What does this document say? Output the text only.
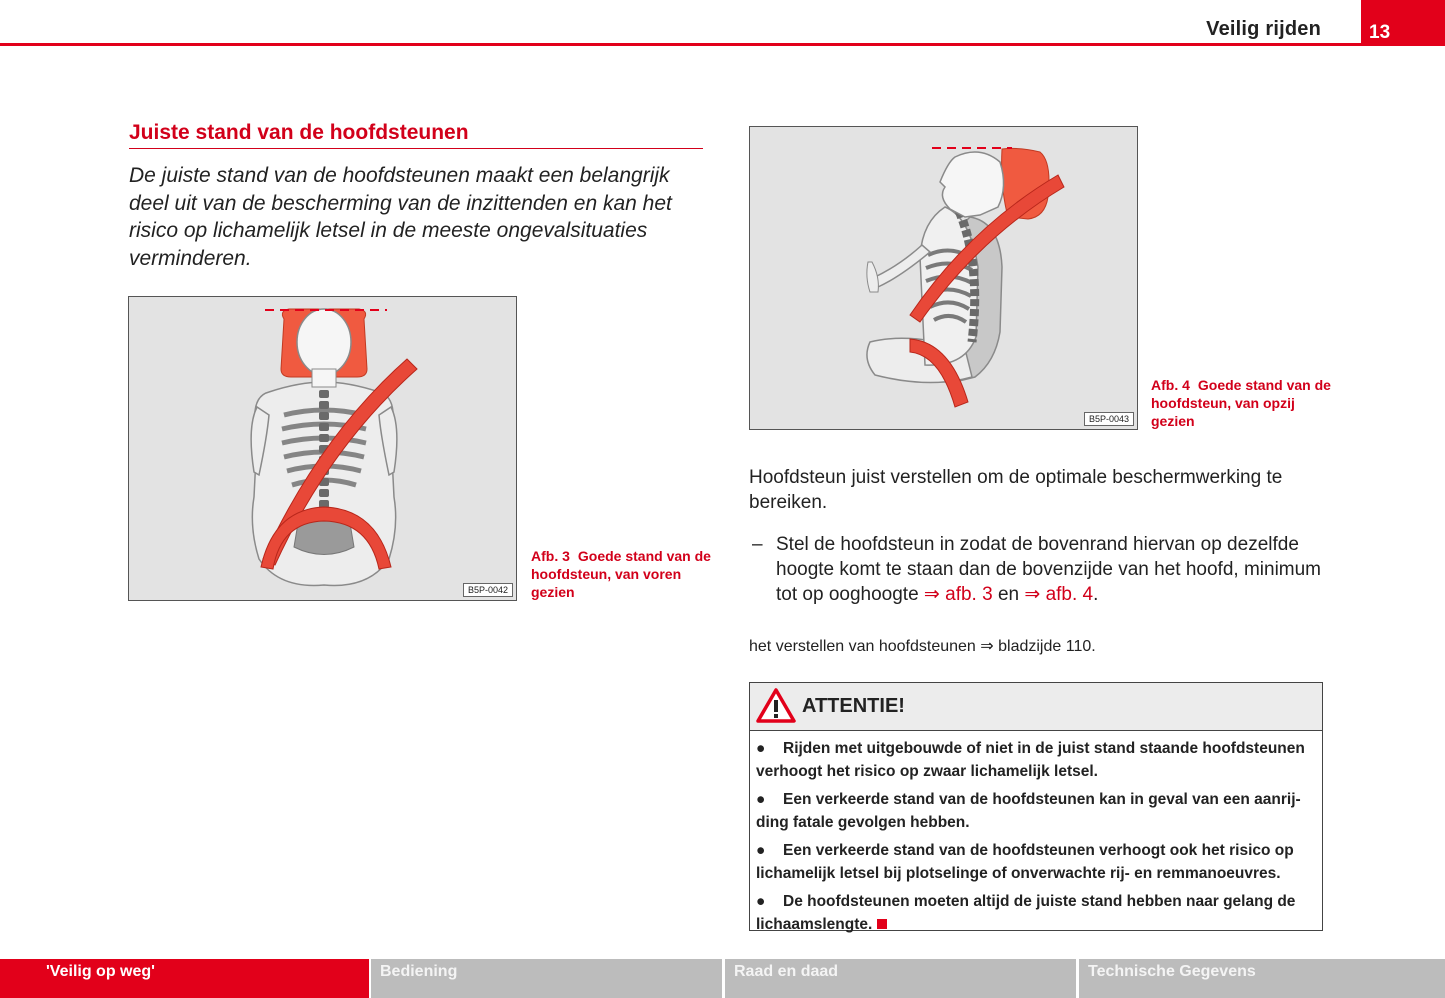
Veilig rijden	13
Juiste stand van de hoofdsteunen

De juiste stand van de hoofdsteunen maakt een belangrijk deel uit van de bescherming van de inzittenden en kan het risico op lichamelijk letsel in de meeste ongevalsituaties verminderen.

B5P-0042
Afb. 3 Goede stand van de hoofdsteun, van voren gezien
B5P-0043
Afb. 4 Goede stand van de hoofdsteun, van opzij gezien

Hoofdsteun juist verstellen om de optimale beschermwerking te bereiken.

– Stel de hoofdsteun in zodat de bovenrand hiervan op dezelfde hoogte komt te staan dan de bovenzijde van het hoofd, minimum tot op ooghoogte ⇒ afb. 3 en ⇒ afb. 4.

het verstellen van hoofdsteunen ⇒ bladzijde 110.

ATTENTIE!
● Rijden met uitgebouwde of niet in de juist stand staande hoofdsteunen verhoogt het risico op zwaar lichamelijk letsel.
● Een verkeerde stand van de hoofdsteunen kan in geval van een aanrij-ding fatale gevolgen hebben.
● Een verkeerde stand van de hoofdsteunen verhoogt ook het risico op lichamelijk letsel bij plotselinge of onverwachte rij- en remmanoeuvres.
● De hoofdsteunen moeten altijd de juiste stand hebben naar gelang de lichaamslengte.
'Veilig op weg'	Bediening	Raad en daad	Technische Gegevens
